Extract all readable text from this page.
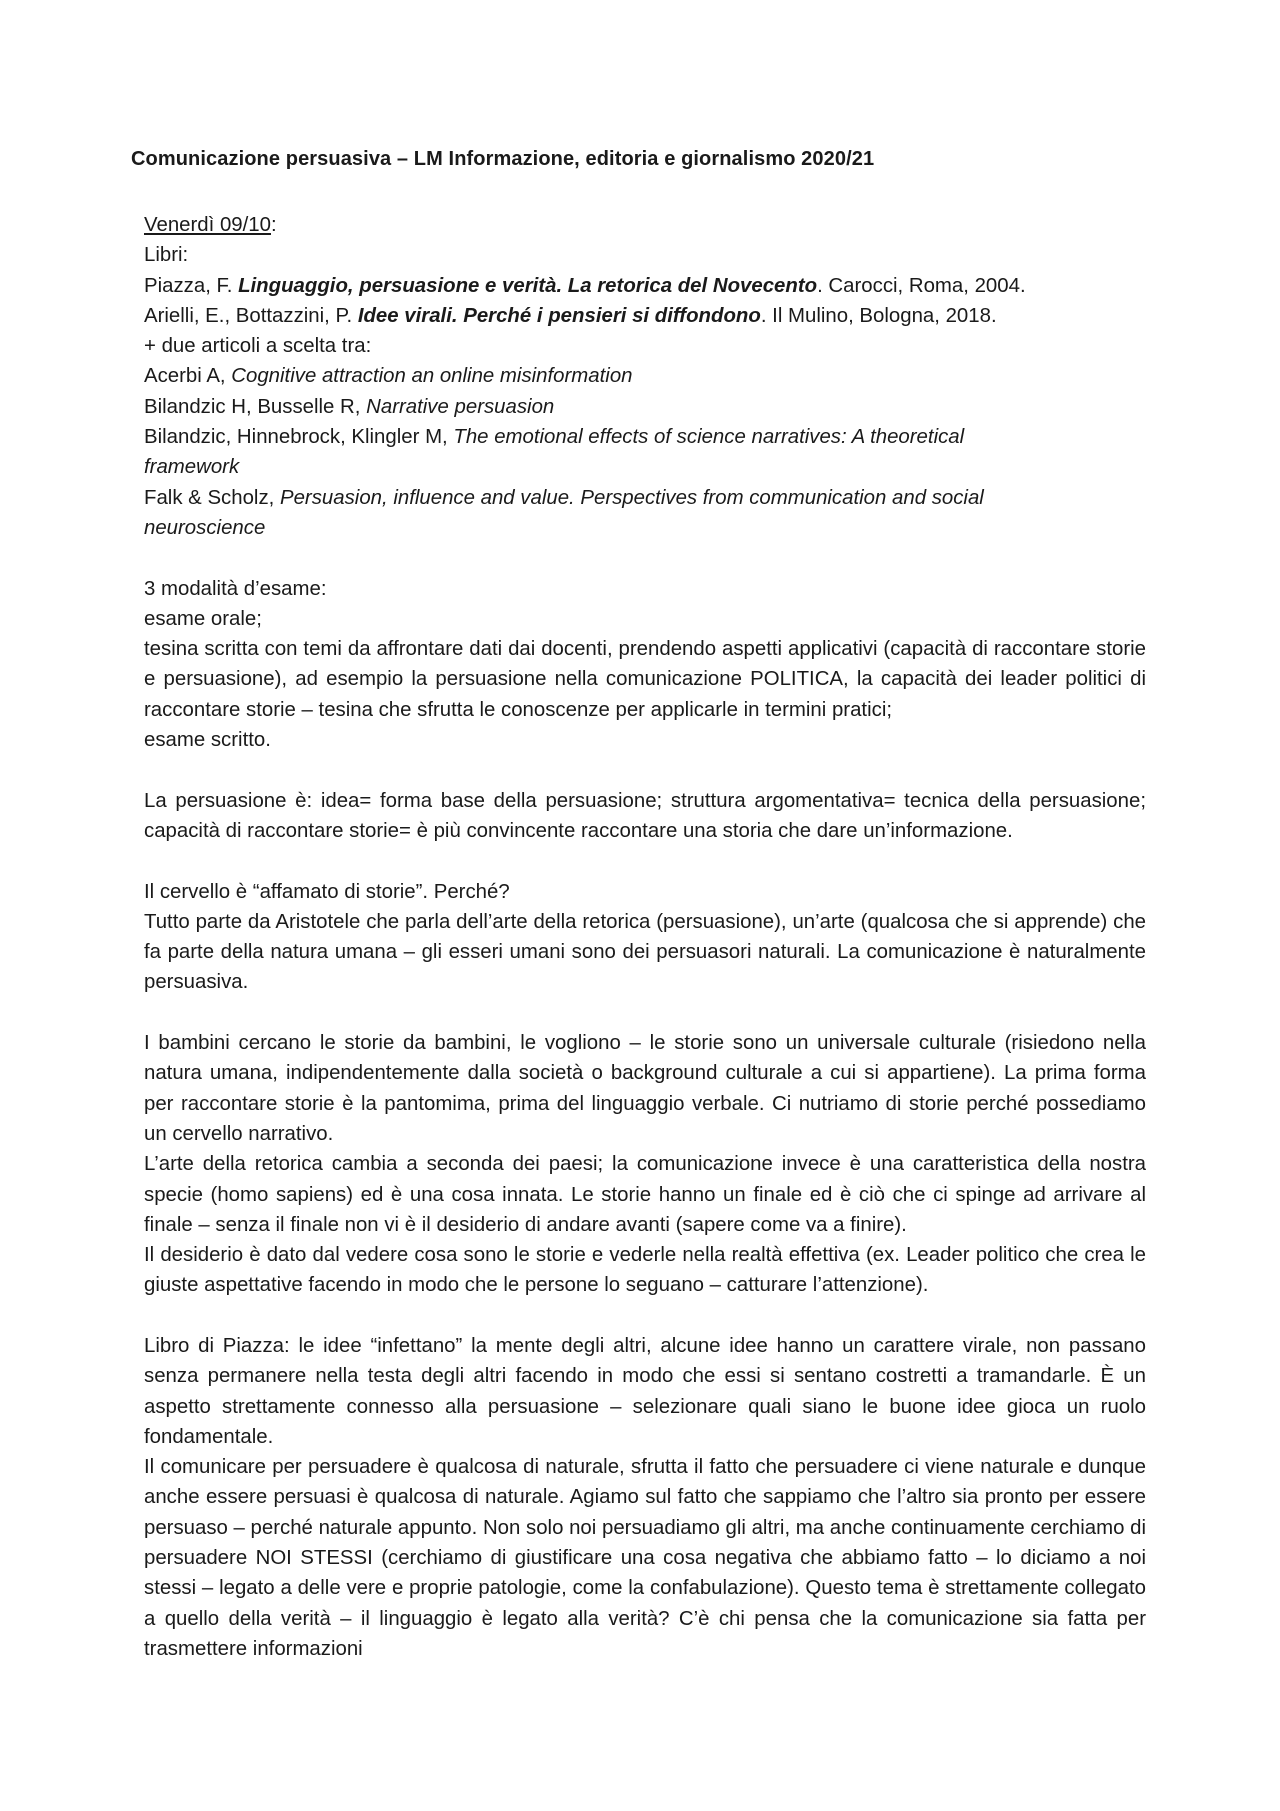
Comunicazione persuasiva – LM Informazione, editoria e giornalismo 2020/21
Venerdì 09/10:
Libri:
Piazza, F. Linguaggio, persuasione e verità. La retorica del Novecento. Carocci, Roma, 2004.
Arielli, E., Bottazzini, P. Idee virali. Perché i pensieri si diffondono. Il Mulino, Bologna, 2018.
+ due articoli a scelta tra:
Acerbi A, Cognitive attraction an online misinformation
Bilandzic H, Busselle R, Narrative persuasion
Bilandzic, Hinnebrock, Klingler M, The emotional effects of science narratives: A theoretical
framework
Falk & Scholz, Persuasion, influence and value. Perspectives from communication and social
neuroscience
3 modalità d’esame:
esame orale;
tesina scritta con temi da affrontare dati dai docenti, prendendo aspetti applicativi (capacità di raccontare storie e persuasione), ad esempio la persuasione nella comunicazione POLITICA, la capacità dei leader politici di raccontare storie – tesina che sfrutta le conoscenze per applicarle in termini pratici;
esame scritto.
La persuasione è: idea= forma base della persuasione; struttura argomentativa= tecnica della persuasione; capacità di raccontare storie= è più convincente raccontare una storia che dare un’informazione.
Il cervello è “affamato di storie”. Perché?
Tutto parte da Aristotele che parla dell’arte della retorica (persuasione), un’arte (qualcosa che si apprende) che fa parte della natura umana – gli esseri umani sono dei persuasori naturali. La comunicazione è naturalmente persuasiva.
I bambini cercano le storie da bambini, le vogliono – le storie sono un universale culturale (risiedono nella natura umana, indipendentemente dalla società o background culturale a cui si appartiene). La prima forma per raccontare storie è la pantomima, prima del linguaggio verbale. Ci nutriamo di storie perché possediamo un cervello narrativo.
L’arte della retorica cambia a seconda dei paesi; la comunicazione invece è una caratteristica della nostra specie (homo sapiens) ed è una cosa innata. Le storie hanno un finale ed è ciò che ci spinge ad arrivare al finale – senza il finale non vi è il desiderio di andare avanti (sapere come va a finire).
Il desiderio è dato dal vedere cosa sono le storie e vederle nella realtà effettiva (ex. Leader politico che crea le giuste aspettative facendo in modo che le persone lo seguano – catturare l’attenzione).
Libro di Piazza: le idee “infettano” la mente degli altri, alcune idee hanno un carattere virale, non passano senza permanere nella testa degli altri facendo in modo che essi si sentano costretti a tramandarle. È un aspetto strettamente connesso alla persuasione – selezionare quali siano le buone idee gioca un ruolo fondamentale.
Il comunicare per persuadere è qualcosa di naturale, sfrutta il fatto che persuadere ci viene naturale e dunque anche essere persuasi è qualcosa di naturale. Agiamo sul fatto che sappiamo che l’altro sia pronto per essere persuaso – perché naturale appunto. Non solo noi persuadiamo gli altri, ma anche continuamente cerchiamo di persuadere NOI STESSI (cerchiamo di giustificare una cosa negativa che abbiamo fatto – lo diciamo a noi stessi – legato a delle vere e proprie patologie, come la confabulazione). Questo tema è strettamente collegato a quello della verità – il linguaggio è legato alla verità? C’è chi pensa che la comunicazione sia fatta per trasmettere informazioni
